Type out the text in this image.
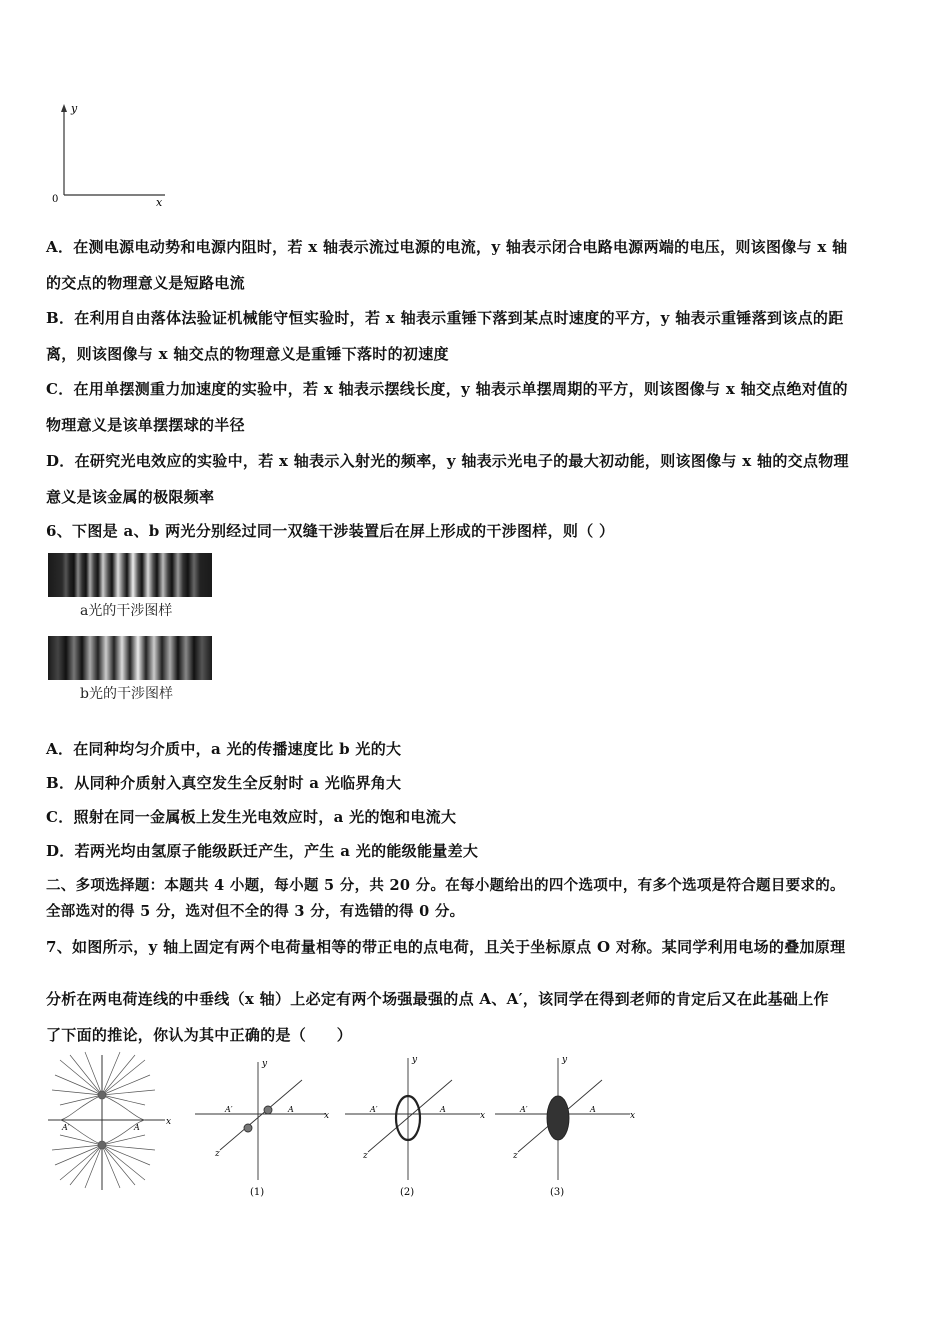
y
0	x
A．在测电源电动势和电源内阻时，若 x 轴表示流过电源的电流，y 轴表示闭合电路电源两端的电压，则该图像与 x 轴
的交点的物理意义是短路电流
B．在利用自由落体法验证机械能守恒实验时，若 x 轴表示重锤下落到某点时速度的平方，y 轴表示重锤落到该点的距
离，则该图像与 x 轴交点的物理意义是重锤下落时的初速度
C．在用单摆测重力加速度的实验中，若 x 轴表示摆线长度，y 轴表示单摆周期的平方，则该图像与 x 轴交点绝对值的
物理意义是该单摆摆球的半径
D．在研究光电效应的实验中，若 x 轴表示入射光的频率，y 轴表示光电子的最大初动能，则该图像与 x 轴的交点物理
意义是该金属的极限频率
6、下图是 a、b 两光分别经过同一双缝干涉装置后在屏上形成的干涉图样，则（ ）
a光的干涉图样
b光的干涉图样
A．在同种均匀介质中，a 光的传播速度比 b 光的大
B．从同种介质射入真空发生全反射时 a 光临界角大
C．照射在同一金属板上发生光电效应时，a 光的饱和电流大
D．若两光均由氢原子能级跃迁产生，产生 a 光的能级能量差大
二、多项选择题：本题共 4 小题，每小题 5 分，共 20 分。在每小题给出的四个选项中，有多个选项是符合题目要求的。
全部选对的得 5 分，选对但不全的得 3 分，有选错的得 0 分。
7、如图所示，y 轴上固定有两个电荷量相等的带正电的点电荷，且关于坐标原点 O 对称。某同学利用电场的叠加原理
分析在两电荷连线的中垂线（x 轴）上必定有两个场强最强的点 A、A′，该同学在得到老师的肯定后又在此基础上作
了下面的推论，你认为其中正确的是（　　）
x
A
A′
y
x
z
A
A′
(1)
y
x
z
A
A′
(2)
y
x
z
A
A′
(3)
